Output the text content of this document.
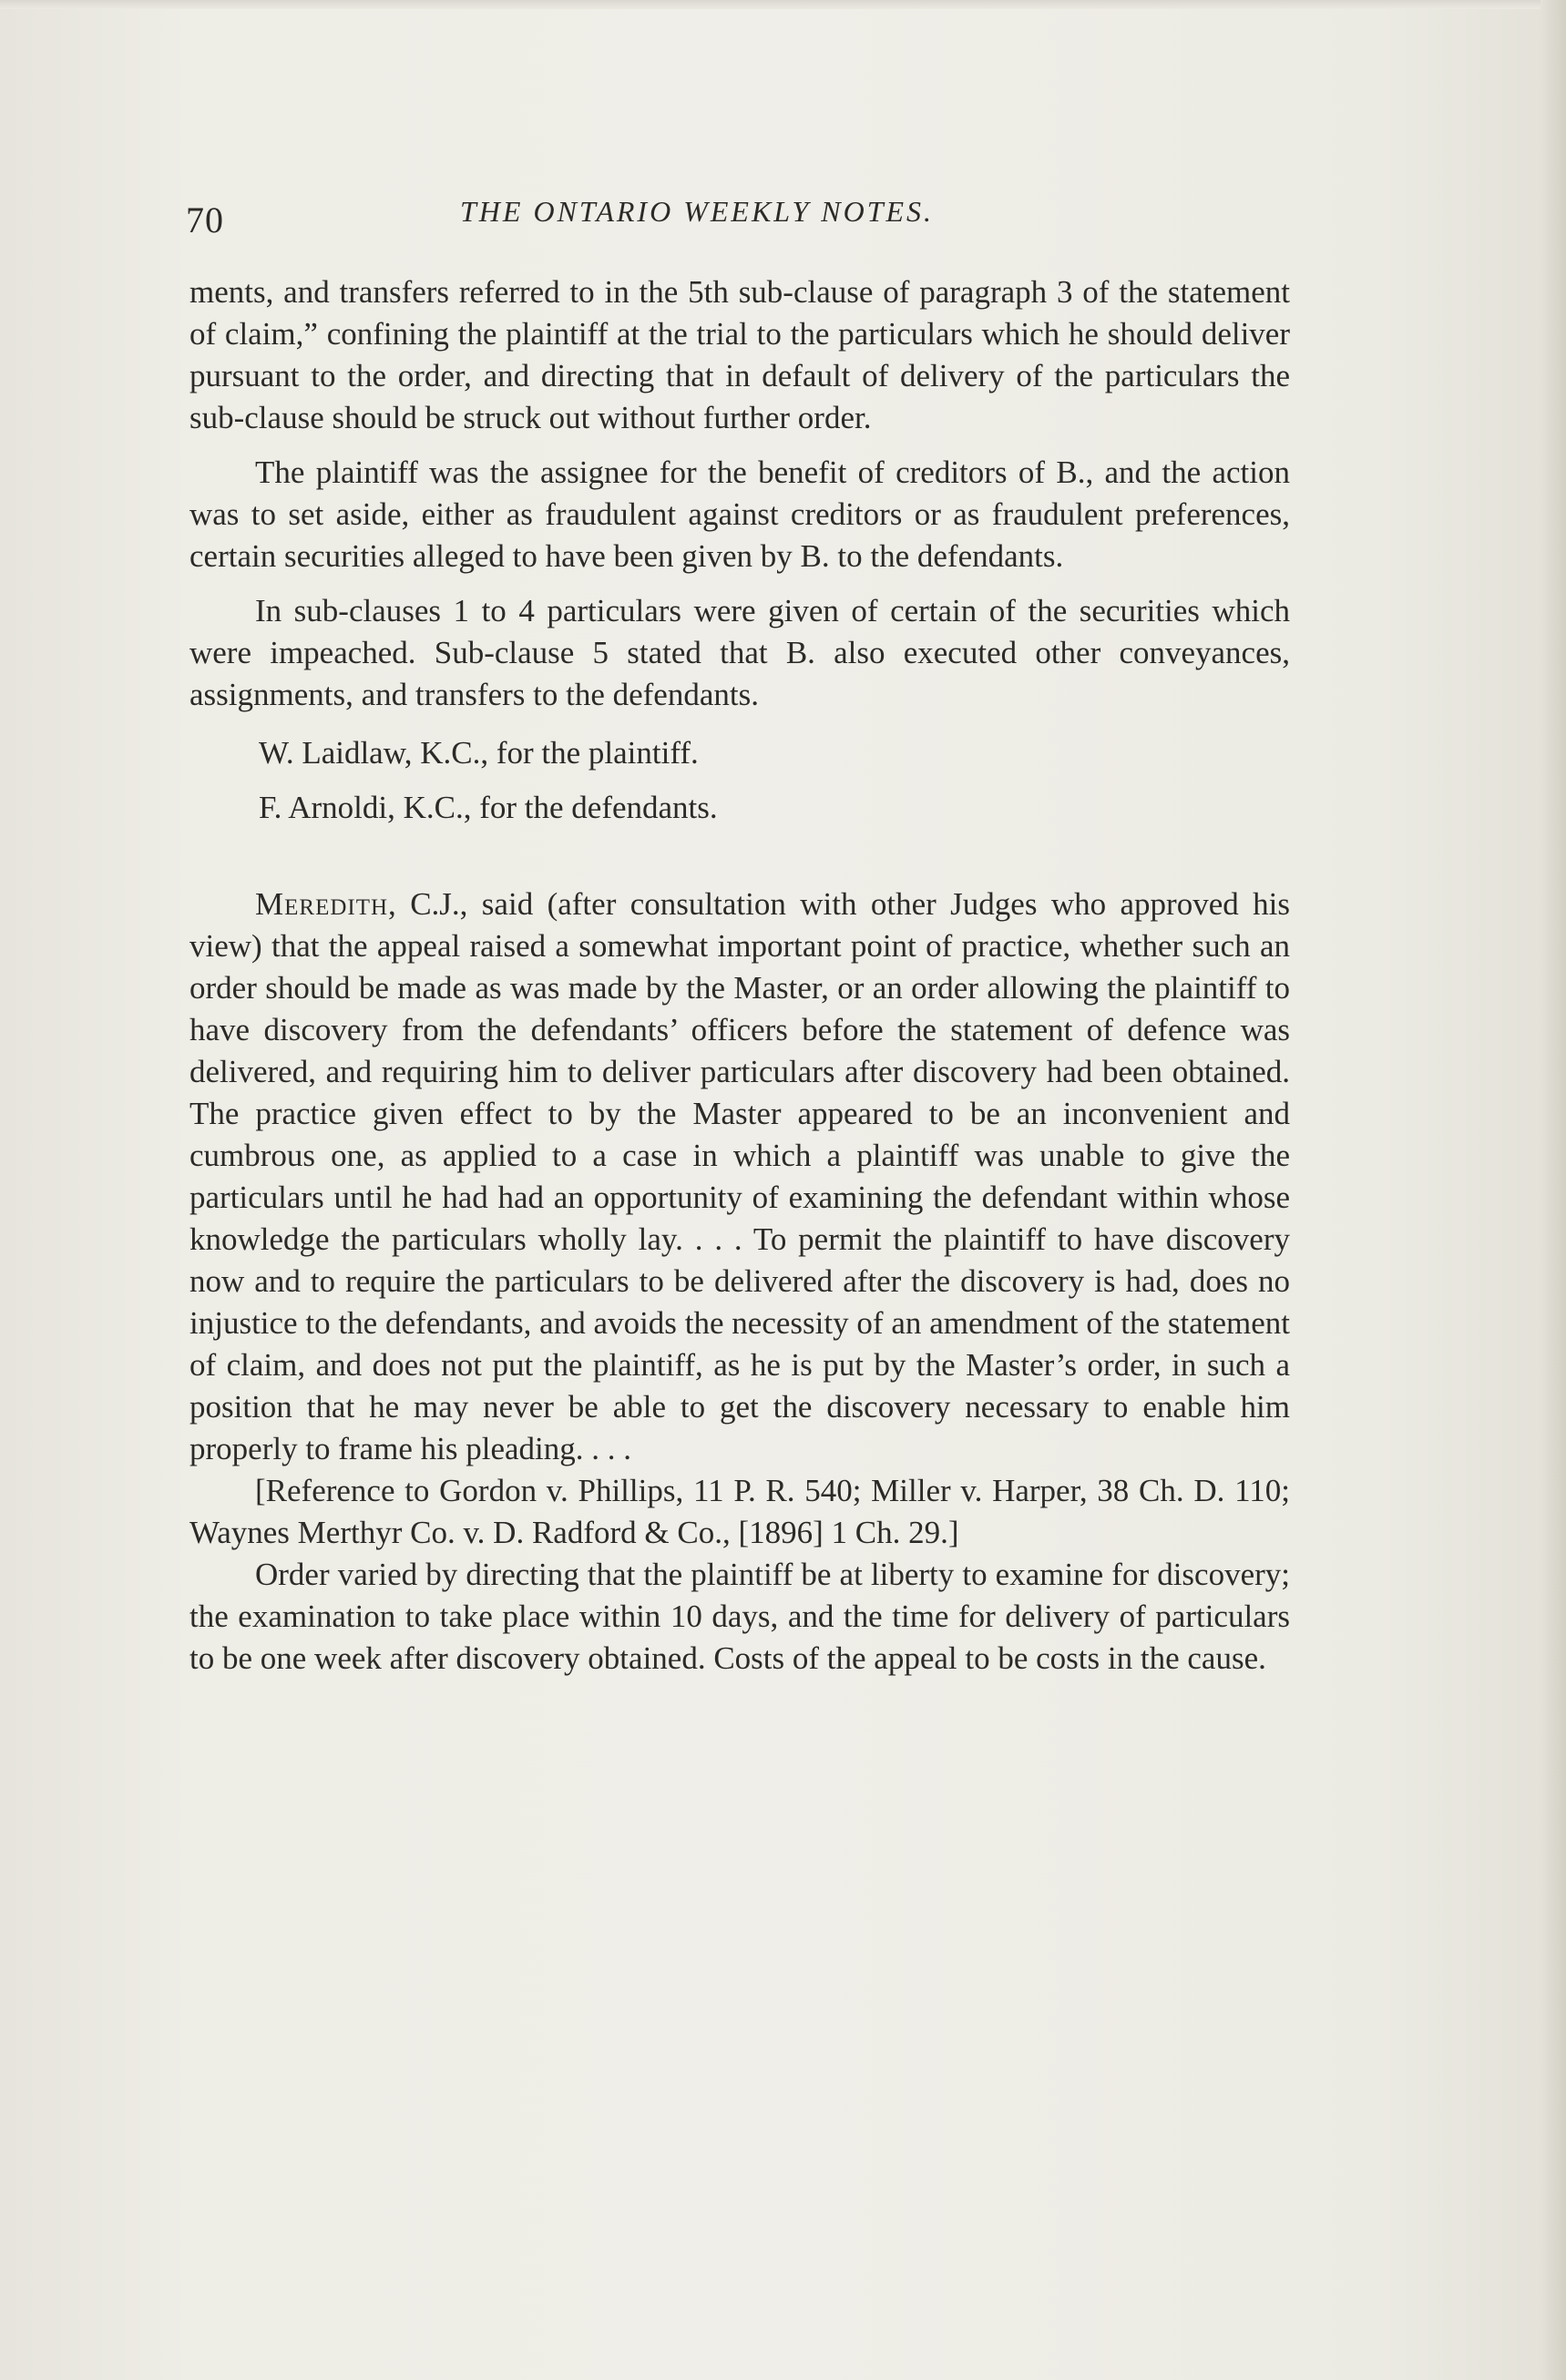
70	THE ONTARIO WEEKLY NOTES.

ments, and transfers referred to in the 5th sub-clause of paragraph 3 of the statement of claim,” confining the plaintiff at the trial to the particulars which he should deliver pursuant to the order, and directing that in default of delivery of the particulars the sub-clause should be struck out without further order.

The plaintiff was the assignee for the benefit of creditors of B., and the action was to set aside, either as fraudulent against creditors or as fraudulent preferences, certain securities alleged to have been given by B. to the defendants.

In sub-clauses 1 to 4 particulars were given of certain of the securities which were impeached. Sub-clause 5 stated that B. also executed other conveyances, assignments, and transfers to the defendants.

W. Laidlaw, K.C., for the plaintiff.

F. Arnoldi, K.C., for the defendants.

Meredith, C.J., said (after consultation with other Judges who approved his view) that the appeal raised a somewhat important point of practice, whether such an order should be made as was made by the Master, or an order allowing the plaintiff to have discovery from the defendants’ officers before the statement of defence was delivered, and requiring him to deliver particulars after discovery had been obtained. The practice given effect to by the Master appeared to be an inconvenient and cumbrous one, as applied to a case in which a plaintiff was unable to give the particulars until he had had an opportunity of examining the defendant within whose knowledge the particulars wholly lay. . . . To permit the plaintiff to have discovery now and to require the particulars to be delivered after the discovery is had, does no injustice to the defendants, and avoids the necessity of an amendment of the statement of claim, and does not put the plaintiff, as he is put by the Master’s order, in such a position that he may never be able to get the discovery necessary to enable him properly to frame his pleading. . . .

[Reference to Gordon v. Phillips, 11 P. R. 540; Miller v. Harper, 38 Ch. D. 110; Waynes Merthyr Co. v. D. Radford & Co., [1896] 1 Ch. 29.]

Order varied by directing that the plaintiff be at liberty to examine for discovery; the examination to take place within 10 days, and the time for delivery of particulars to be one week after discovery obtained. Costs of the appeal to be costs in the cause.
